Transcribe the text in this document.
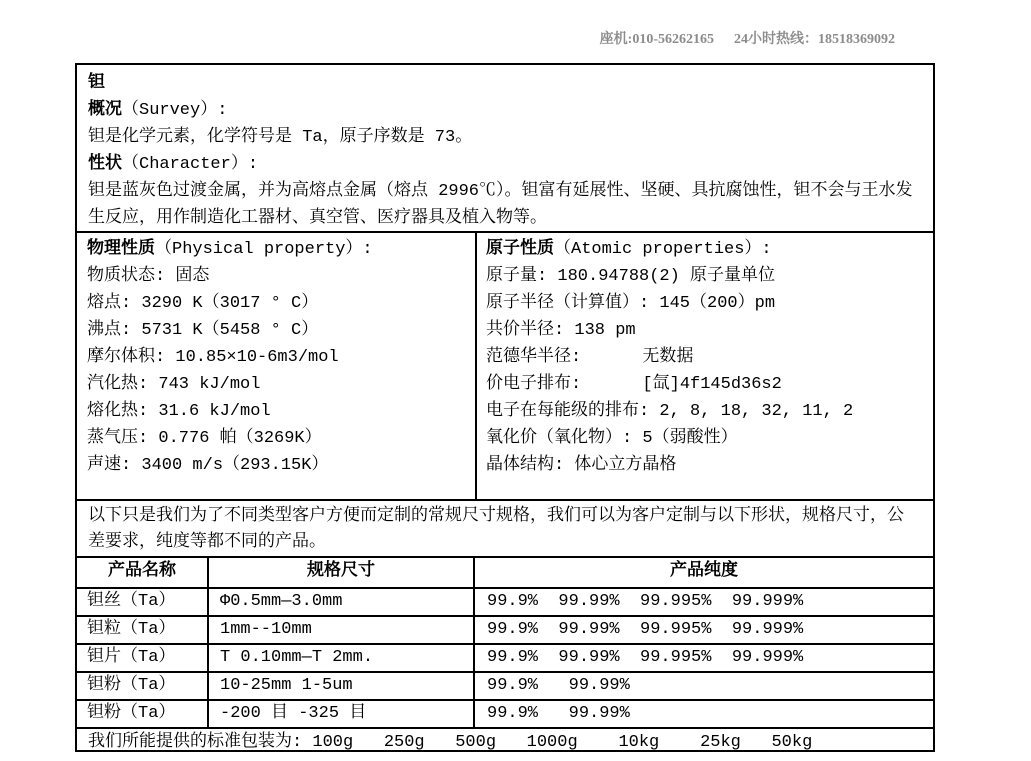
座机:010-56262165 24小时热线：18518369092
钽
概况（Survey）:
钽是化学元素，化学符号是 Ta，原子序数是 73。
性状（Character）:
钽是蓝灰色过渡金属，并为高熔点金属（熔点 2996℃）。钽富有延展性、坚硬、具抗腐蚀性，钽不会与王水发生反应，用作制造化工器材、真空管、医疗器具及植入物等。
物理性质（Physical property）:
物质状态: 固态
熔点: 3290 K（3017 ° C）
沸点: 5731 K（5458 ° C）
摩尔体积: 10.85×10-6m3/mol
汽化热: 743 kJ/mol
熔化热: 31.6 kJ/mol
蒸气压: 0.776 帕（3269K）
声速: 3400 m/s（293.15K）
原子性质（Atomic properties）:
原子量: 180.94788(2) 原子量单位
原子半径（计算值）: 145（200）pm
共价半径: 138 pm
范德华半径:      无数据
价电子排布:      [氙]4f145d36s2
电子在每能级的排布: 2, 8, 18, 32, 11, 2
氧化价（氧化物）: 5（弱酸性）
晶体结构: 体心立方晶格
以下只是我们为了不同类型客户方便而定制的常规尺寸规格，我们可以为客户定制与以下形状，规格尺寸，公差要求，纯度等都不同的产品。
产品名称	规格尺寸	产品纯度
钽丝（Ta）	Φ0.5mm—3.0mm	99.9%  99.99%  99.995%  99.999%
钽粒（Ta）	1mm--10mm	99.9%  99.99%  99.995%  99.999%
钽片（Ta）	T 0.10mm—T 2mm.	99.9%  99.99%  99.995%  99.999%
钽粉（Ta）	10-25mm 1-5um	99.9%   99.99%
钽粉（Ta）	-200 目 -325 目	99.9%   99.99%
我们所能提供的标准包装为: 100g   250g   500g   1000g    10kg    25kg   50kg
